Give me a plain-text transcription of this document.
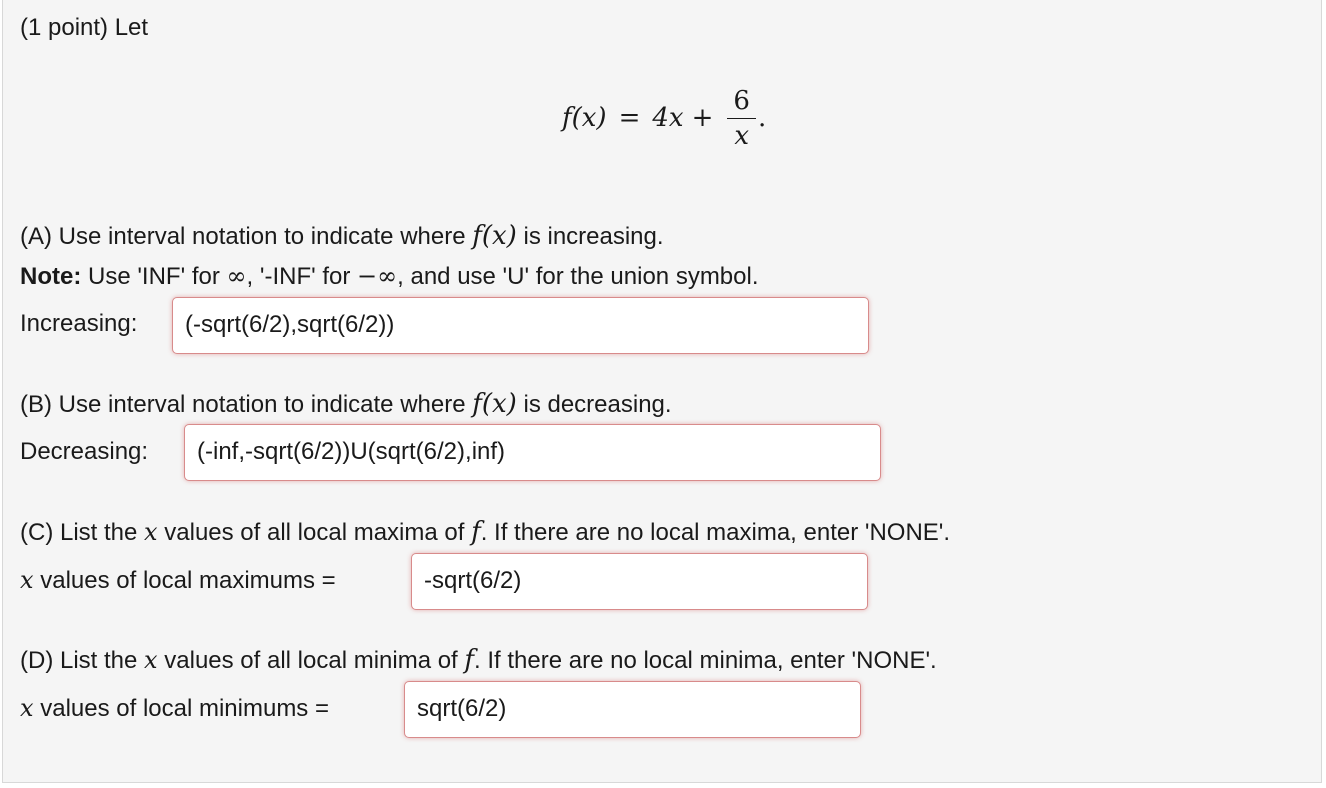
(1 point) Let
$f(x) = 4x + \frac{6}{x}$ .
(A) Use interval notation to indicate where f(x) is increasing.
Note: Use 'INF' for ∞, '-INF' for −∞, and use 'U' for the union symbol.
Increasing:	(-sqrt(6/2),sqrt(6/2))
(B) Use interval notation to indicate where f(x) is decreasing.
Decreasing:	(-inf,-sqrt(6/2))U(sqrt(6/2),inf)
(C) List the x values of all local maxima of f. If there are no local maxima, enter 'NONE'.
x values of local maximums =	-sqrt(6/2)
(D) List the x values of all local minima of f. If there are no local minima, enter 'NONE'.
x values of local minimums =	sqrt(6/2)
